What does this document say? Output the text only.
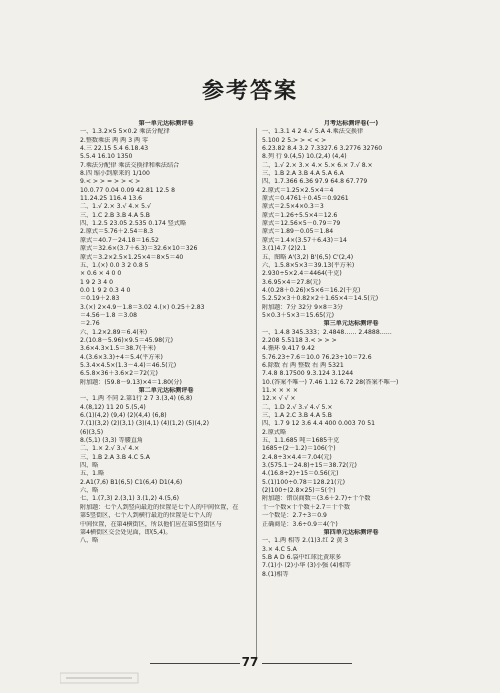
参考答案
第一单元达标测评卷
一、1.3.2×5 5×0.2 乘法分配律
2.整数乘法 两 两 3 两 零
4.三 22.15 5.4 6.18.43
5.5.4 16.10 1350
7.乘法分配律 乘法交换律和乘法结合
8.四 缩小到原来的 1/100
9.< > > = > > < >
10.0.77 0.04 0.09 42.81 12.5 8
11.24.25 116.4 13.6
二、1.√ 2.× 3.√ 4.× 5.√
三、1.C 2.B 3.B 4.A 5.B
四、1.2.5 23.05 2.535 0.174 竖式略
2.原式＝5.76＋2.54＝8.3
原式＝40.7－24.18＝16.52
原式＝32.6×(3.7＋6.3)＝32.6×10＝326
原式＝3.2×2.5×1.25×4＝8×5＝40
五、1.(×) 0.0 3 2 0.8 5
× 0.6 × 4 0 0
1 9 2 3 4 0
0.0 1 9 2 0.3 4 0
＝0.19＋2.83
3.(×) 2×4.9－1.8＝3.02 4.(×) 0.25＋2.83
＝4.56－1.8 ＝3.08
＝2.76
六、1.2×2.89＝6.4(米)
2.(10.8－5.96)×9.5＝45.98(元)
3.6×4.3×1.5＝38.7(千米)
4.(3.6×3.3)÷4＝5.4(平方米)
5.3.4×4.5×(1.3－4.4)＝46.5(元)
6.5.8×36＋3.6×2＝72(元)
附加题：(59.8－9.13)×4＝1.80(分)
第二单元达标测评卷
一、1.两 不同 2.第1行 2 7 3.(3,4) (6,8)
4.(8,12) 11 20 5.(5,4)
6.(1)(4,2) (9,4) (2)(4,4) (6,8)
7.(1)(3,2) (2)(3,1) (3)(4,1) (4)(1,2) (5)(4,2)
(6)(3,5)
8.(5,1) (3,3) 等腰直角
二、1.× 2.√ 3.√ 4.×
三、1.B 2.A 3.B 4.C 5.A
四、略
五、1.略
2.A1(7,6) B1(6,5) C1(6,4) D1(4,6)
六、略
七、1.(7,3) 2.(3,1) 3.(1,2) 4.(5,6)
附加题：七个人到竖向最近的位置是七个人的中间位置，在
第5竖街区，七个人到横行最近的位置是七个人的
中间位置，在第4横街区，所以他们应在第5竖街区与
第4横街区交会处见面，即(5,4)。
八、略
月考达标测评卷(一)
一、1.3.1 4 2 4.√ 5.A 4.乘法交换律
5.100 2 5.> > < < >
6.23.82 8.4 3.2 7.3327.6 3.2776 32760
8.列 行 9.(4,5) 10.(2,4) (4,4)
二、1.√ 2.× 3.× 4.× 5.× 6.× 7.√ 8.×
三、1.B 2.A 3.B 4.A 5.A 6.A
四、1.7.366 6.36 97.9 64.8 67.779
2.原式＝1.25×2.5×4＝4
原式＝0.4761＋0.45＝0.9261
原式＝2.5×4×0.3＝3
原式＝1.26÷5.5×4＝12.6
原式＝12.56×5－0.79＝79
原式＝1.89－0.05＝1.84
原式＝1.4×(3.57＋6.43)＝14
3.(1)4.7 (2)2.1
五、图略 A'(3,2) B'(6,5) C'(2,4)
六、1.5.8×5×3＝39.13(平方米)
2.930÷5×2.4＝4464(千克)
3.6.95×4＝27.8(元)
4.(0.28＋0.26)×5×6＝16.2(千克)
5.2.52×3＋0.82×2＋1.65×4＝14.5(元)
附加题：7分 32分 9×8＝3分
5×0.3＋5×3＝15.65(元)
第三单元达标测评卷
一、1.4.8 345.333；2.4848…… 2.4888……
2.208 5.5118 3.< > > >
4.循环 9.417 9.42
5.76.23÷7.6＝10.0 76.23÷10＝72.6
6.除数 右 两 整数 右 两 5321
7.4.8 8.17500 9.3.124 3.1244
10.(答案不唯一) 7.46 1.12 6.72 28(答案不唯一)
11.× × × ×
12.× √ √ ×
二、1.D 2.√ 3.√ 4.√ 5.×
三、1.A 2.C 3.B 4.A 5.B
四、1.7 9 12 3.6 4.4 400 0.003 70 51
2.原式略
五、1.1.685 吨＝1685千克
1685÷(2－1.2)＝106(个)
2.4.8÷3×4.4＝7.04(元)
3.(575.1－24.8)÷15＝38.72(元)
4.(16.8÷2)÷15＝0.56(元)
5.(1)100÷0.78＝128.21(元)
(2)100÷(2.8×25)＝5(个)
附加题：错误商数＝(3.6＋2.7)÷十个数
十一个数×十个数＋2.7＝十个数
一个数是：2.7÷3＝0.9
正确商是：3.6÷0.9＝4(个)
第四单元达标测评卷
一、1.两 相等 2.(1)3.红 2 黄 3
3.× 4.C 5.A
5.B A D 6.袋中红球比黄球多
7.(1)小 (2)小华 (3)小强 (4)相等
8.(1)相等
77
